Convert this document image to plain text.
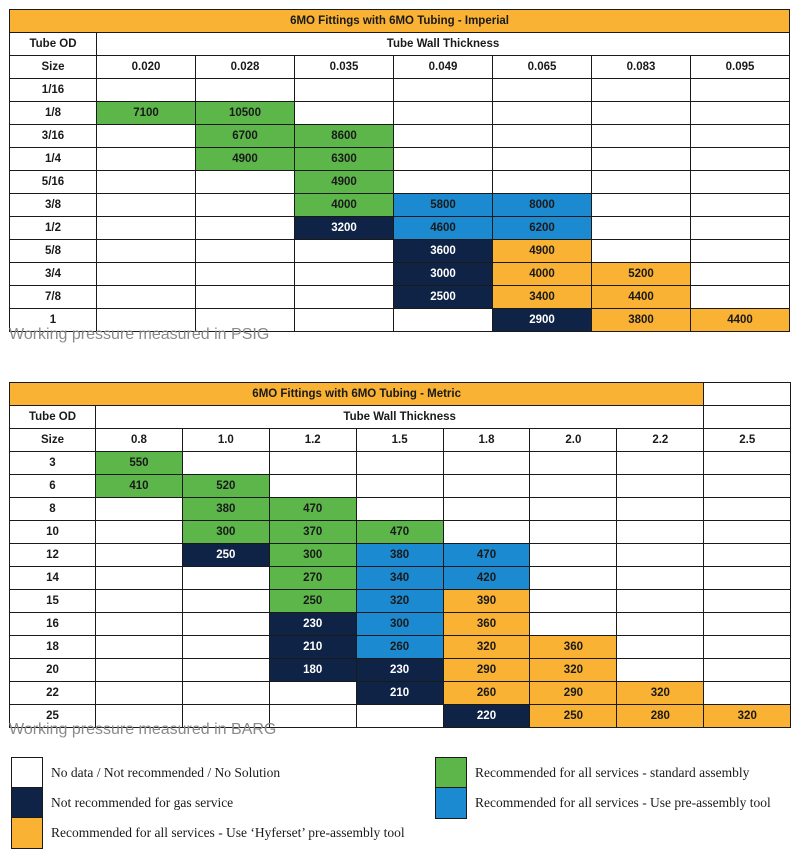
6MO Fittings with 6MO Tubing - Imperial							
Tube OD	Tube Wall Thickness						
Size	0.020	0.028	0.035	0.049	0.065	0.083	0.095
1/16							
1/8	7100	10500					
3/16		6700	8600				
1/4		4900	6300				
5/16			4900				
3/8			4000	5800	8000		
1/2			3200	4600	6200		
5/8				3600	4900		
3/4				3000	4000	5200	
7/8				2500	3400	4400	
1					2900	3800	4400
Working pressure measured in PSIG
6MO Fittings with 6MO Tubing - Metric								
Tube OD	Tube Wall Thickness							
Size	0.8	1.0	1.2	1.5	1.8	2.0	2.2	2.5
3	550							
6	410	520						
8		380	470					
10		300	370	470				
12		250	300	380	470			
14			270	340	420			
15			250	320	390			
16			230	300	360			
18			210	260	320	360		
20			180	230	290	320		
22				210	260	290	320	
25					220	250	280	320
Working pressure measured in BARG
No data / Not recommended / No Solution	Recommended for all services - standard assembly
Not recommended for gas service	Recommended for all services - Use pre-assembly tool
Recommended for all services - Use ‘Hyferset’ pre-assembly tool
